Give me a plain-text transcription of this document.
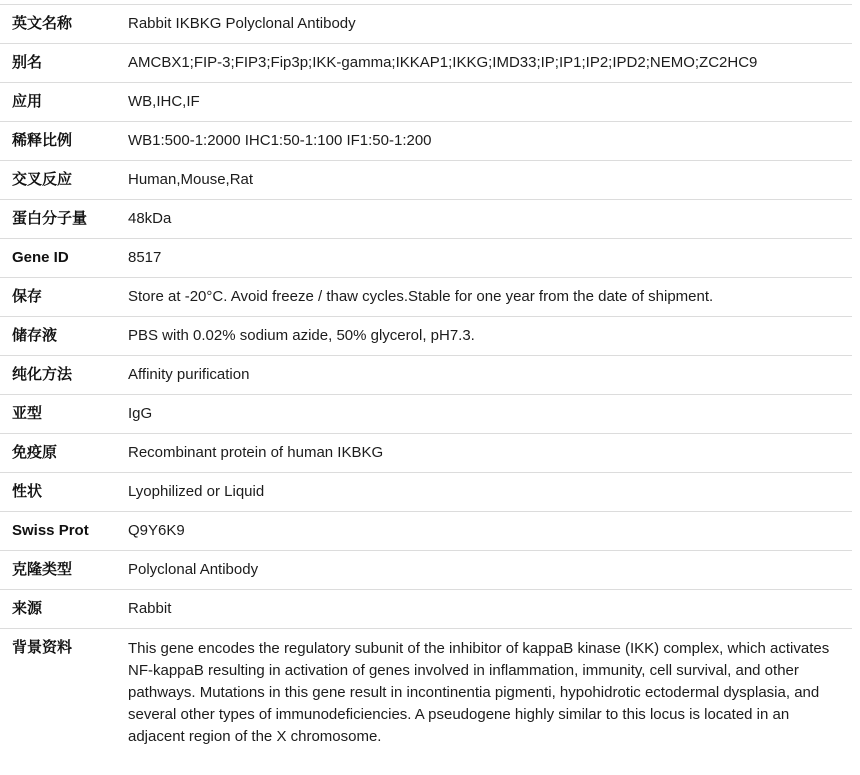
英文名称	Rabbit IKBKG Polyclonal Antibody
别名	AMCBX1;FIP-3;FIP3;Fip3p;IKK-gamma;IKKAP1;IKKG;IMD33;IP;IP1;IP2;IPD2;NEMO;ZC2HC9
应用	WB,IHC,IF
稀释比例	WB1:500-1:2000 IHC1:50-1:100 IF1:50-1:200
交叉反应	Human,Mouse,Rat
蛋白分子量	48kDa
Gene ID	8517
保存	Store at -20°C. Avoid freeze / thaw cycles.Stable for one year from the date of shipment.
储存液	PBS with 0.02% sodium azide, 50% glycerol, pH7.3.
纯化方法	Affinity purification
亚型	IgG
免疫原	Recombinant protein of human IKBKG
性状	Lyophilized or Liquid
Swiss Prot	Q9Y6K9
克隆类型	Polyclonal Antibody
来源	Rabbit
背景资料	This gene encodes the regulatory subunit of the inhibitor of kappaB kinase (IKK) complex, which activates NF-kappaB resulting in activation of genes involved in inflammation, immunity, cell survival, and other pathways. Mutations in this gene result in incontinentia pigmenti, hypohidrotic ectodermal dysplasia, and several other types of immunodeficiencies. A pseudogene highly similar to this locus is located in an adjacent region of the X chromosome.
